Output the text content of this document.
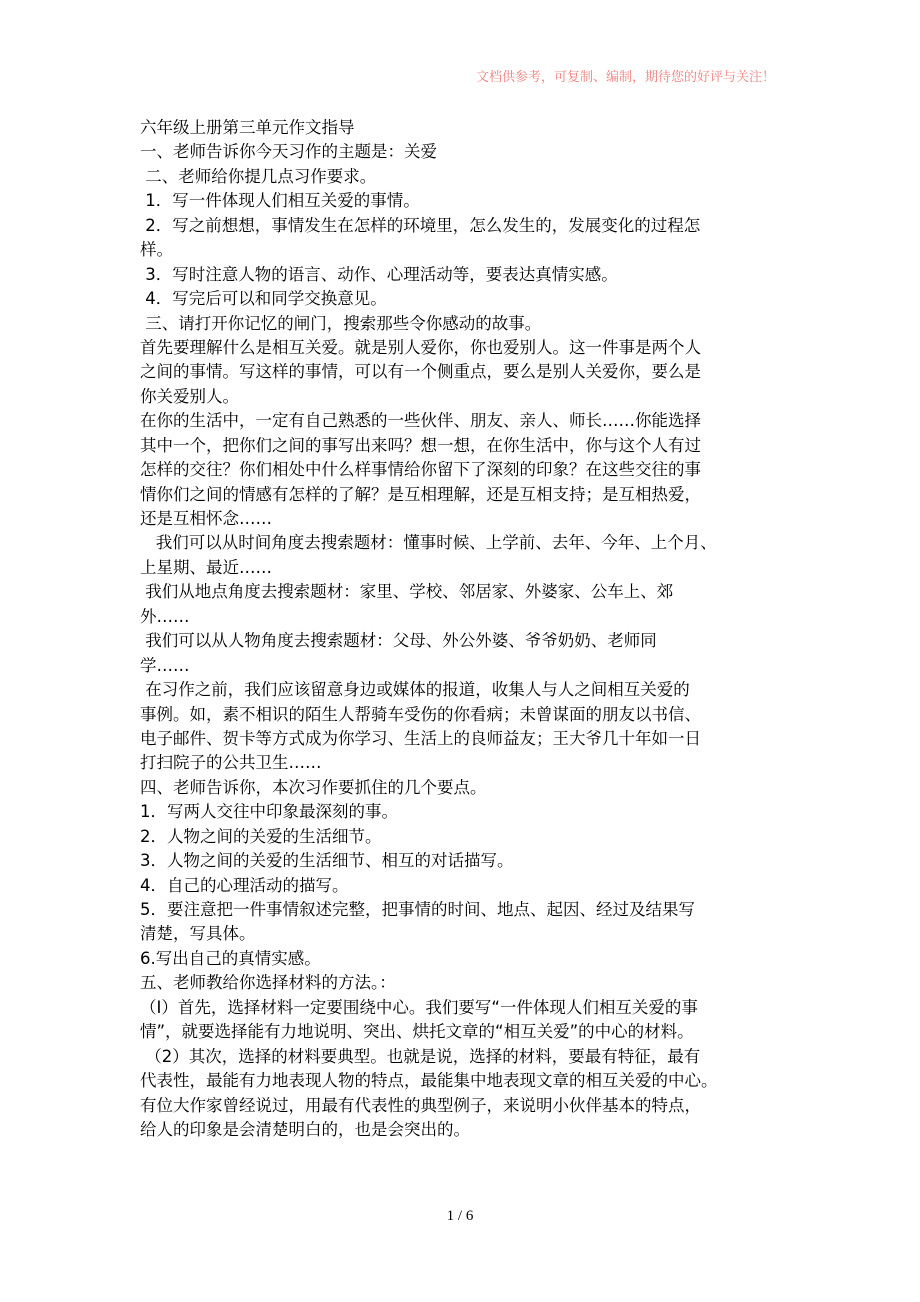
文档供参考，可复制、编制，期待您的好评与关注！
六年级上册第三单元作文指导
一、老师告诉你今天习作的主题是：关爱
二、老师给你提几点习作要求。
1．写一件体现人们相互关爱的事情。
2．写之前想想，事情发生在怎样的环境里，怎么发生的，发展变化的过程怎
样。
3．写时注意人物的语言、动作、心理活动等，要表达真情实感。
4．写完后可以和同学交换意见。
三、请打开你记忆的闸门，搜索那些令你感动的故事。
首先要理解什么是相互关爱。就是别人爱你，你也爱别人。这一件事是两个人
之间的事情。写这样的事情，可以有一个侧重点，要么是别人关爱你，要么是
你关爱别人。
在你的生活中，一定有自己熟悉的一些伙伴、朋友、亲人、师长……你能选择
其中一个，把你们之间的事写出来吗？想一想，在你生活中，你与这个人有过
怎样的交往？你们相处中什么样事情给你留下了深刻的印象？在这些交往的事
情你们之间的情感有怎样的了解？是互相理解，还是互相支持；是互相热爱，
还是互相怀念……
我们可以从时间角度去搜索题材：懂事时候、上学前、去年、今年、上个月、
上星期、最近……
我们从地点角度去搜索题材：家里、学校、邻居家、外婆家、公车上、郊
外……
我们可以从人物角度去搜索题材：父母、外公外婆、爷爷奶奶、老师同
学……
在习作之前，我们应该留意身边或媒体的报道，收集人与人之间相互关爱的
事例。如，素不相识的陌生人帮骑车受伤的你看病；未曾谋面的朋友以书信、
电子邮件、贺卡等方式成为你学习、生活上的良师益友；王大爷几十年如一日
打扫院子的公共卫生……
四、老师告诉你，本次习作要抓住的几个要点。
1．写两人交往中印象最深刻的事。
2．人物之间的关爱的生活细节。
3．人物之间的关爱的生活细节、相互的对话描写。
4．自己的心理活动的描写。
5．要注意把一件事情叙述完整，把事情的时间、地点、起因、经过及结果写
清楚，写具体。
6.写出自己的真情实感。
五、老师教给你选择材料的方法。：
（I）首先，选择材料一定要围绕中心。我们要写“一件体现人们相互关爱的事
情”，就要选择能有力地说明、突出、烘托文章的“相互关爱”的中心的材料。
（2）其次，选择的材料要典型。也就是说，选择的材料，要最有特征，最有
代表性，最能有力地表现人物的特点，最能集中地表现文章的相互关爱的中心。
有位大作家曾经说过，用最有代表性的典型例子，来说明小伙伴基本的特点，
给人的印象是会清楚明白的，也是会突出的。
1 / 6
